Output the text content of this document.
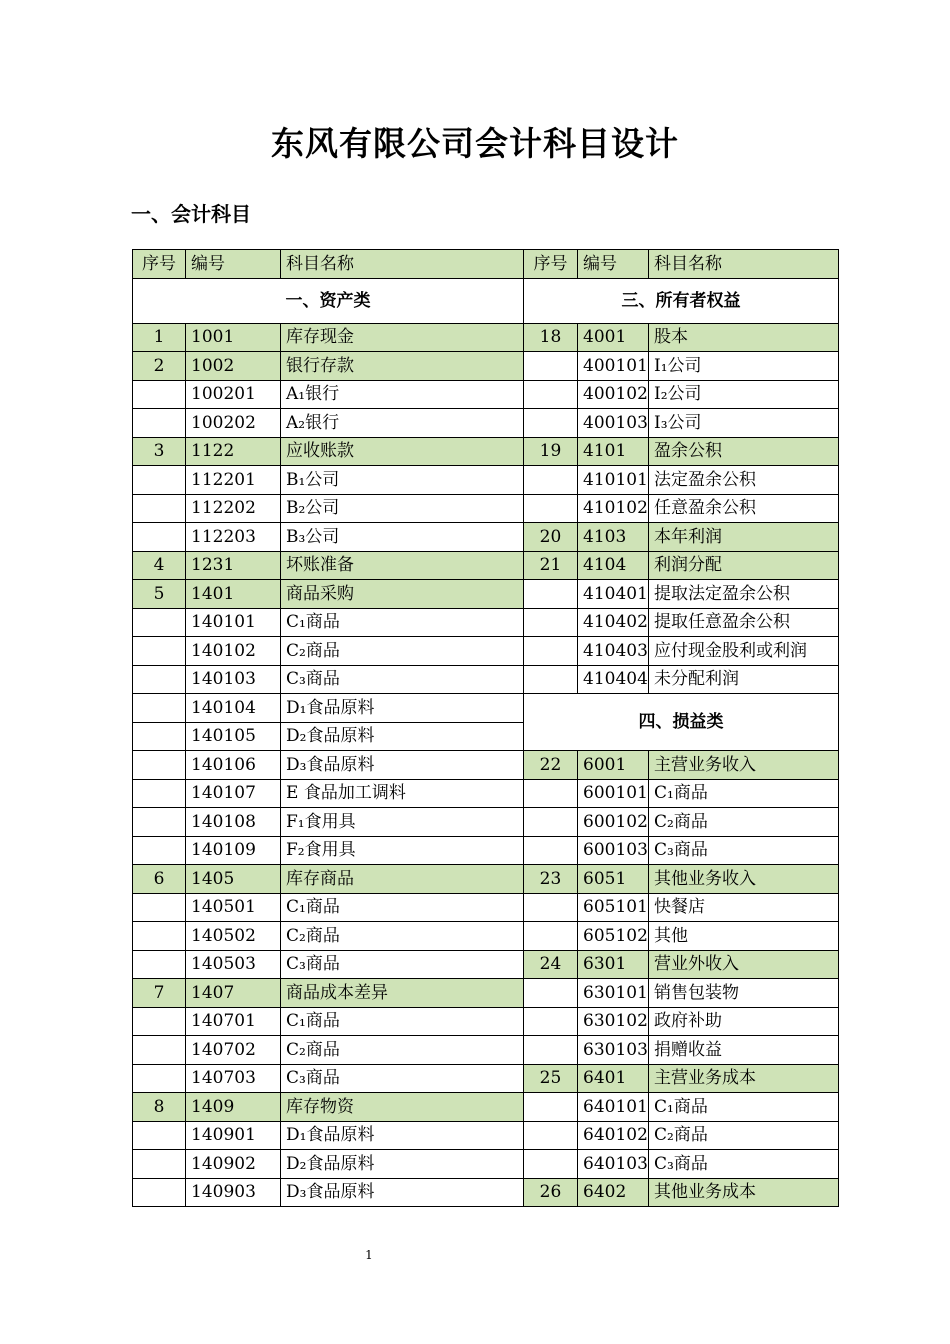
东风有限公司会计科目设计
一、会计科目
序号	编号	科目名称	序号	编号	科目名称
一、资产类			三、所有者权益		
1	1001	库存现金	18	4001	股本
2	1002	银行存款		400101	I₁公司
	100201	A₁银行		400102	I₂公司
	100202	A₂银行		400103	I₃公司
3	1122	应收账款	19	4101	盈余公积
	112201	B₁公司		410101	法定盈余公积
	112202	B₂公司		410102	任意盈余公积
	112203	B₃公司	20	4103	本年利润
4	1231	坏账准备	21	4104	利润分配
5	1401	商品采购		410401	提取法定盈余公积
	140101	C₁商品		410402	提取任意盈余公积
	140102	C₂商品		410403	应付现金股利或利润
	140103	C₃商品		410404	未分配利润
	140104	D₁食品原料	四、损益类		
	140105	D₂食品原料			
	140106	D₃食品原料	22	6001	主营业务收入
	140107	E 食品加工调料		600101	C₁商品
	140108	F₁食用具		600102	C₂商品
	140109	F₂食用具		600103	C₃商品
6	1405	库存商品	23	6051	其他业务收入
	140501	C₁商品		605101	快餐店
	140502	C₂商品		605102	其他
	140503	C₃商品	24	6301	营业外收入
7	1407	商品成本差异		630101	销售包装物
	140701	C₁商品		630102	政府补助
	140702	C₂商品		630103	捐赠收益
	140703	C₃商品	25	6401	主营业务成本
8	1409	库存物资		640101	C₁商品
	140901	D₁食品原料		640102	C₂商品
	140902	D₂食品原料		640103	C₃商品
	140903	D₃食品原料	26	6402	其他业务成本
1
